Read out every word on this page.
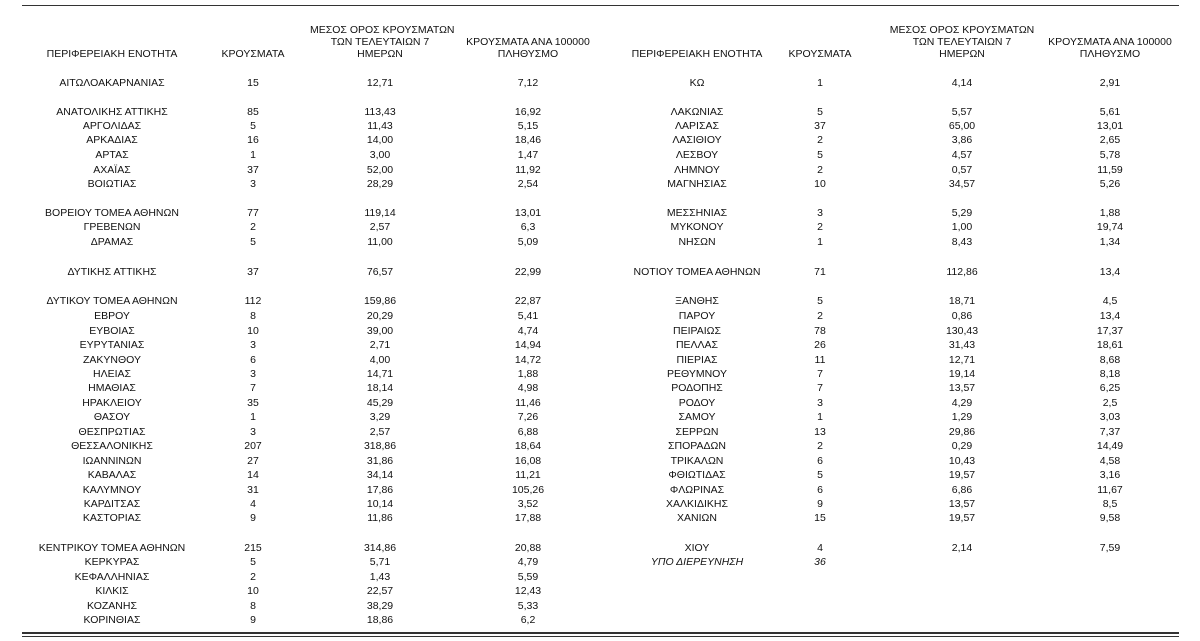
ΠΕΡΙΦΕΡΕΙΑΚΗ ΕΝΟΤΗΤΑ	ΚΡΟΥΣΜΑΤΑ
ΜΕΣΟΣ ΟΡΟΣ ΚΡΟΥΣΜΑΤΩΝ
ΤΩΝ ΤΕΛΕΥΤΑΙΩΝ 7
ΗΜΕΡΩΝ
ΚΡΟΥΣΜΑΤΑ ΑΝΑ 100000
ΠΛΗΘΥΣΜΟ
ΑΙΤΩΛΟΑΚΑΡΝΑΝΙΑΣ	15	12,71	7,12
ΑΝΑΤΟΛΙΚΗΣ ΑΤΤΙΚΗΣ	85	113,43	16,92
ΑΡΓΟΛΙΔΑΣ	5	11,43	5,15
ΑΡΚΑΔΙΑΣ	16	14,00	18,46
ΑΡΤΑΣ	1	3,00	1,47
ΑΧΑΪΑΣ	37	52,00	11,92
ΒΟΙΩΤΙΑΣ	3	28,29	2,54
ΒΟΡΕΙΟΥ ΤΟΜΕΑ ΑΘΗΝΩΝ	77	119,14	13,01
ΓΡΕΒΕΝΩΝ	2	2,57	6,3
ΔΡΑΜΑΣ	5	11,00	5,09
ΔΥΤΙΚΗΣ ΑΤΤΙΚΗΣ	37	76,57	22,99
ΔΥΤΙΚΟΥ ΤΟΜΕΑ ΑΘΗΝΩΝ	112	159,86	22,87
ΕΒΡΟΥ	8	20,29	5,41
ΕΥΒΟΙΑΣ	10	39,00	4,74
ΕΥΡΥΤΑΝΙΑΣ	3	2,71	14,94
ΖΑΚΥΝΘΟΥ	6	4,00	14,72
ΗΛΕΙΑΣ	3	14,71	1,88
ΗΜΑΘΙΑΣ	7	18,14	4,98
ΗΡΑΚΛΕΙΟΥ	35	45,29	11,46
ΘΑΣΟΥ	1	3,29	7,26
ΘΕΣΠΡΩΤΙΑΣ	3	2,57	6,88
ΘΕΣΣΑΛΟΝΙΚΗΣ	207	318,86	18,64
ΙΩΑΝΝΙΝΩΝ	27	31,86	16,08
ΚΑΒΑΛΑΣ	14	34,14	11,21
ΚΑΛΥΜΝΟΥ	31	17,86	105,26
ΚΑΡΔΙΤΣΑΣ	4	10,14	3,52
ΚΑΣΤΟΡΙΑΣ	9	11,86	17,88
ΚΕΝΤΡΙΚΟΥ ΤΟΜΕΑ ΑΘΗΝΩΝ	215	314,86	20,88
ΚΕΡΚΥΡΑΣ	5	5,71	4,79
ΚΕΦΑΛΛΗΝΙΑΣ	2	1,43	5,59
ΚΙΛΚΙΣ	10	22,57	12,43
ΚΟΖΑΝΗΣ	8	38,29	5,33
ΚΟΡΙΝΘΙΑΣ	9	18,86	6,2
ΠΕΡΙΦΕΡΕΙΑΚΗ ΕΝΟΤΗΤΑ	ΚΡΟΥΣΜΑΤΑ
ΜΕΣΟΣ ΟΡΟΣ ΚΡΟΥΣΜΑΤΩΝ
ΤΩΝ ΤΕΛΕΥΤΑΙΩΝ 7
ΗΜΕΡΩΝ
ΚΡΟΥΣΜΑΤΑ ΑΝΑ 100000
ΠΛΗΘΥΣΜΟ
ΚΩ	1	4,14	2,91
ΛΑΚΩΝΙΑΣ	5	5,57	5,61
ΛΑΡΙΣΑΣ	37	65,00	13,01
ΛΑΣΙΘΙΟΥ	2	3,86	2,65
ΛΕΣΒΟΥ	5	4,57	5,78
ΛΗΜΝΟΥ	2	0,57	11,59
ΜΑΓΝΗΣΙΑΣ	10	34,57	5,26
ΜΕΣΣΗΝΙΑΣ	3	5,29	1,88
ΜΥΚΟΝΟΥ	2	1,00	19,74
ΝΗΣΩΝ	1	8,43	1,34
ΝΟΤΙΟΥ ΤΟΜΕΑ ΑΘΗΝΩΝ	71	112,86	13,4
ΞΑΝΘΗΣ	5	18,71	4,5
ΠΑΡΟΥ	2	0,86	13,4
ΠΕΙΡΑΙΩΣ	78	130,43	17,37
ΠΕΛΛΑΣ	26	31,43	18,61
ΠΙΕΡΙΑΣ	11	12,71	8,68
ΡΕΘΥΜΝΟΥ	7	19,14	8,18
ΡΟΔΟΠΗΣ	7	13,57	6,25
ΡΟΔΟΥ	3	4,29	2,5
ΣΑΜΟΥ	1	1,29	3,03
ΣΕΡΡΩΝ	13	29,86	7,37
ΣΠΟΡΑΔΩΝ	2	0,29	14,49
ΤΡΙΚΑΛΩΝ	6	10,43	4,58
ΦΘΙΩΤΙΔΑΣ	5	19,57	3,16
ΦΛΩΡΙΝΑΣ	6	6,86	11,67
ΧΑΛΚΙΔΙΚΗΣ	9	13,57	8,5
ΧΑΝΙΩΝ	15	19,57	9,58
ΧΙΟΥ	4	2,14	7,59
ΥΠΟ ΔΙΕΡΕΥΝΗΣΗ	36
